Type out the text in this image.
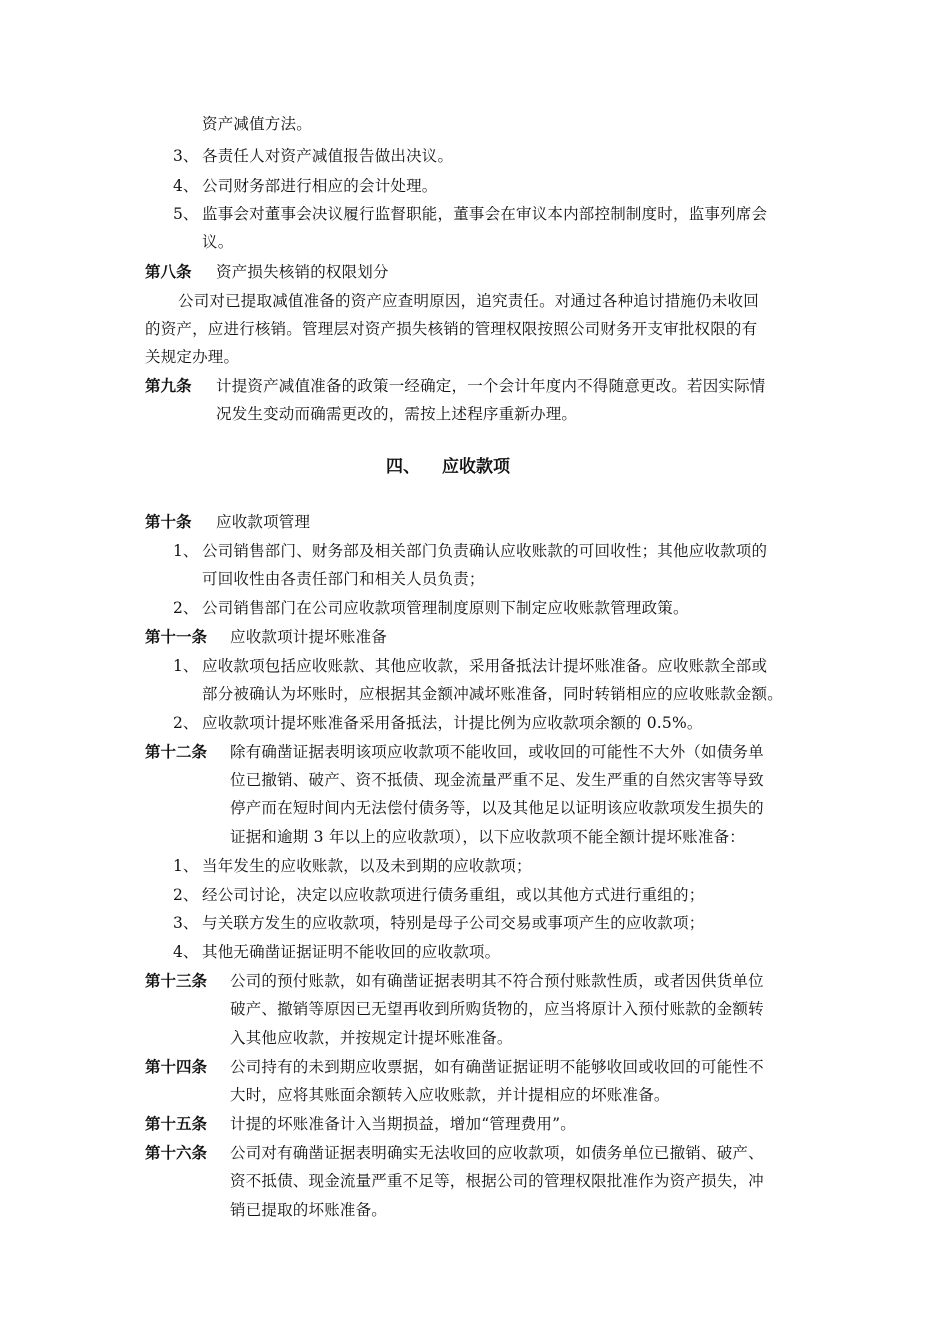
资产减值方法。
3、 各责任人对资产减值报告做出决议。
4、 公司财务部进行相应的会计处理。
5、 监事会对董事会决议履行监督职能，董事会在审议本内部控制制度时，监事列席会
议。
第八条 资产损失核销的权限划分
公司对已提取减值准备的资产应查明原因，追究责任。对通过各种追讨措施仍未收回
的资产，应进行核销。管理层对资产损失核销的管理权限按照公司财务开支审批权限的有
关规定办理。
第九条 计提资产减值准备的政策一经确定，一个会计年度内不得随意更改。若因实际情
况发生变动而确需更改的，需按上述程序重新办理。
四、 应收款项
第十条 应收款项管理
1、 公司销售部门、财务部及相关部门负责确认应收账款的可回收性；其他应收款项的
可回收性由各责任部门和相关人员负责；
2、 公司销售部门在公司应收款项管理制度原则下制定应收账款管理政策。
第十一条 应收款项计提坏账准备
1、 应收款项包括应收账款、其他应收款，采用备抵法计提坏账准备。应收账款全部或
部分被确认为坏账时，应根据其金额冲减坏账准备，同时转销相应的应收账款金额。
2、 应收款项计提坏账准备采用备抵法，计提比例为应收款项余额的 0.5%。
第十二条 除有确凿证据表明该项应收款项不能收回，或收回的可能性不大外（如债务单
位已撤销、破产、资不抵债、现金流量严重不足、发生严重的自然灾害等导致
停产而在短时间内无法偿付债务等，以及其他足以证明该应收款项发生损失的
证据和逾期 3 年以上的应收款项），以下应收款项不能全额计提坏账准备：
1、 当年发生的应收账款，以及未到期的应收款项；
2、 经公司讨论，决定以应收款项进行债务重组，或以其他方式进行重组的；
3、 与关联方发生的应收款项，特别是母子公司交易或事项产生的应收款项；
4、 其他无确凿证据证明不能收回的应收款项。
第十三条 公司的预付账款，如有确凿证据表明其不符合预付账款性质，或者因供货单位
破产、撤销等原因已无望再收到所购货物的，应当将原计入预付账款的金额转
入其他应收款，并按规定计提坏账准备。
第十四条 公司持有的未到期应收票据，如有确凿证据证明不能够收回或收回的可能性不
大时，应将其账面余额转入应收账款，并计提相应的坏账准备。
第十五条 计提的坏账准备计入当期损益，增加“管理费用”。
第十六条 公司对有确凿证据表明确实无法收回的应收款项，如债务单位已撤销、破产、
资不抵债、现金流量严重不足等，根据公司的管理权限批准作为资产损失，冲
销已提取的坏账准备。
